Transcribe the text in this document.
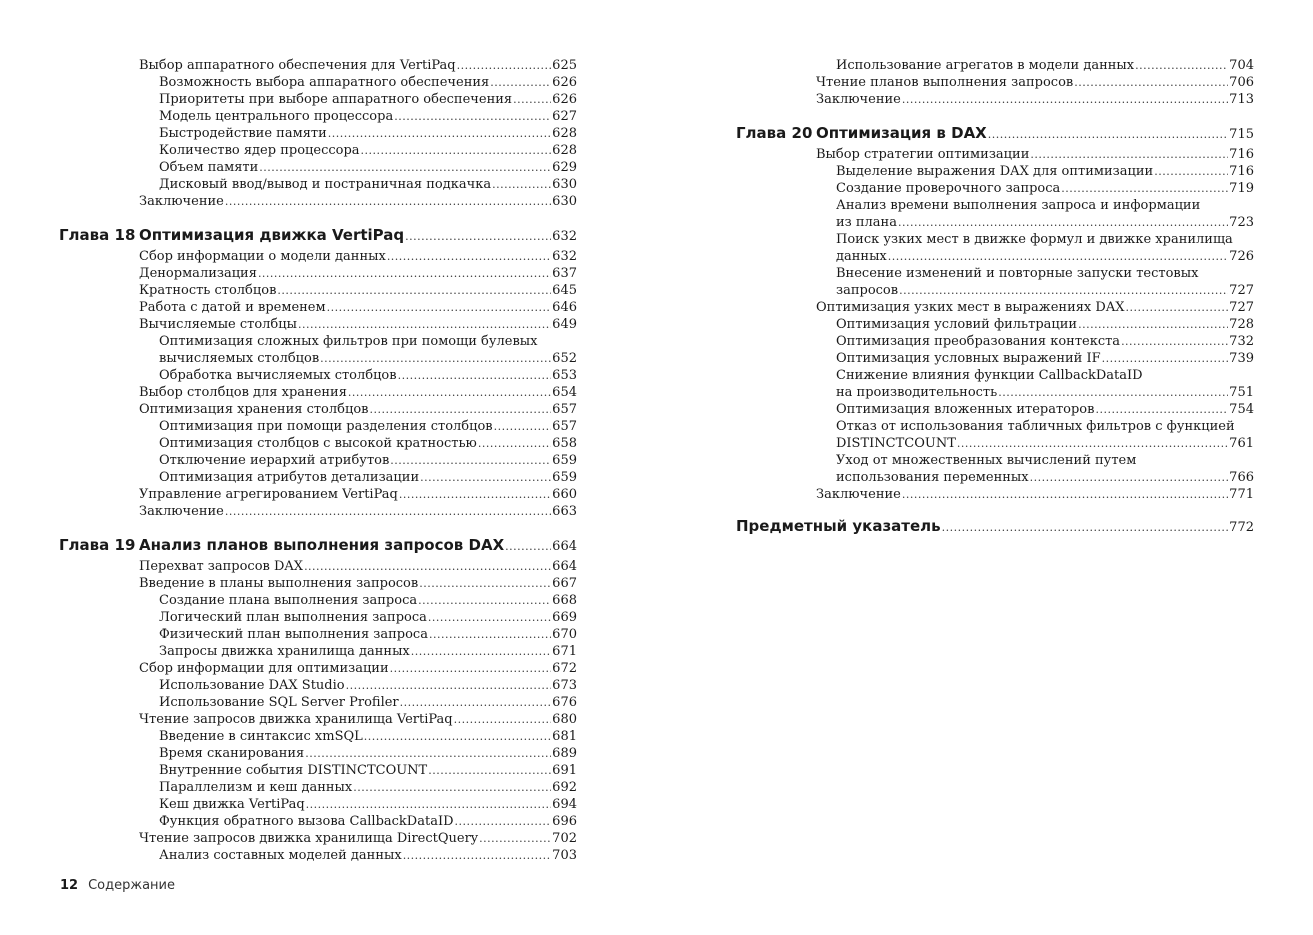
Выбор аппаратного обеспечения для VertiPaq .....	625
Возможность выбора аппаратного обеспечения .....	626
Приоритеты при выборе аппаратного обеспечения .....	626
Модель центрального процессора .....	627
Быстродействие памяти .....	628
Количество ядер процессора .....	628
Объем памяти .....	629
Дисковый ввод/вывод и постраничная подкачка .....	630
Заключение .....	630
Глава 18 Оптимизация движка VertiPaq .....	632
Сбор информации о модели данных .....	632
Денормализация .....	637
Кратность столбцов .....	645
Работа с датой и временем .....	646
Вычисляемые столбцы .....	649
Оптимизация сложных фильтров при помощи булевых
вычисляемых столбцов .....	652
Обработка вычисляемых столбцов .....	653
Выбор столбцов для хранения .....	654
Оптимизация хранения столбцов .....	657
Оптимизация при помощи разделения столбцов .....	657
Оптимизация столбцов с высокой кратностью .....	658
Отключение иерархий атрибутов .....	659
Оптимизация атрибутов детализации .....	659
Управление агрегированием VertiPaq .....	660
Заключение .....	663
Глава 19 Анализ планов выполнения запросов DAX .....	664
Перехват запросов DAX .....	664
Введение в планы выполнения запросов .....	667
Создание плана выполнения запроса .....	668
Логический план выполнения запроса .....	669
Физический план выполнения запроса .....	670
Запросы движка хранилища данных .....	671
Сбор информации для оптимизации .....	672
Использование DAX Studio .....	673
Использование SQL Server Profiler .....	676
Чтение запросов движка хранилища VertiPaq .....	680
Введение в синтаксис xmSQL .....	681
Время сканирования .....	689
Внутренние события DISTINCTCOUNT .....	691
Параллелизм и кеш данных .....	692
Кеш движка VertiPaq .....	694
Функция обратного вызова CallbackDataID .....	696
Чтение запросов движка хранилища DirectQuery .....	702
Анализ составных моделей данных .....	703
Использование агрегатов в модели данных .....	704
Чтение планов выполнения запросов .....	706
Заключение .....	713
Глава 20 Оптимизация в DAX .....	715
Выбор стратегии оптимизации .....	716
Выделение выражения DAX для оптимизации .....	716
Создание проверочного запроса .....	719
Анализ времени выполнения запроса и информации
из плана .....	723
Поиск узких мест в движке формул и движке хранилища
данных .....	726
Внесение изменений и повторные запуски тестовых
запросов .....	727
Оптимизация узких мест в выражениях DAX .....	727
Оптимизация условий фильтрации .....	728
Оптимизация преобразования контекста .....	732
Оптимизация условных выражений IF .....	739
Снижение влияния функции CallbackDataID
на производительность .....	751
Оптимизация вложенных итераторов .....	754
Отказ от использования табличных фильтров с функцией
DISTINCTCOUNT .....	761
Уход от множественных вычислений путем
использования переменных .....	766
Заключение .....	771
Предметный указатель .....	772
12 Содержание
